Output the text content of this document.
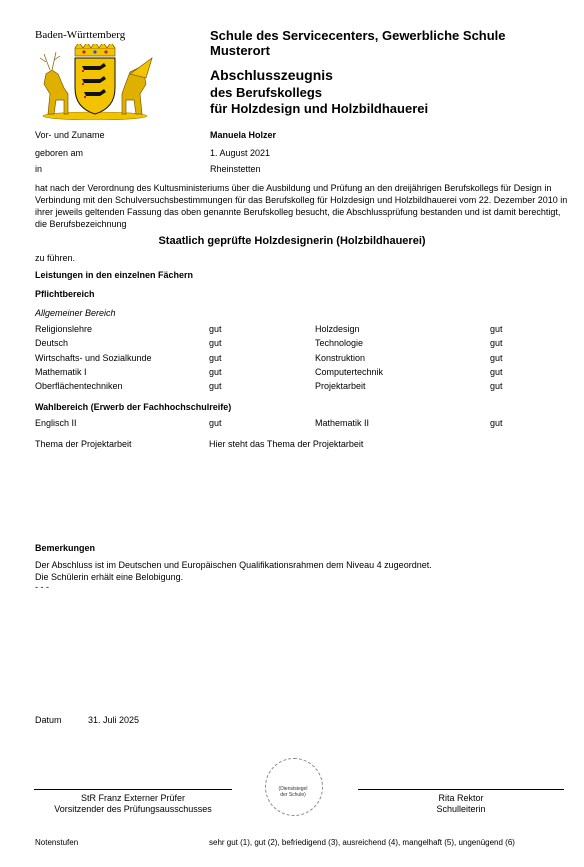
Baden-Württemberg	Schule des Servicecenters, Gewerbliche Schule
Musterort
Abschlusszeugnis
des Berufskollegs
für Holzdesign und Holzbildhauerei
Vor- und Zuname	Manuela Holzer
geboren am	1. August 2021
in	Rheinstetten
hat nach der Verordnung des Kultusministeriums über die Ausbildung und Prüfung an den dreijährigen Berufskollegs für Design in Verbindung mit den Schulversuchsbestimmungen für das Berufskolleg für Holzdesign und Holzbildhauerei vom 22. Dezember 2010 in ihrer jeweils geltenden Fassung das oben genannte Berufskolleg besucht, die Abschlussprüfung bestanden und ist damit berechtigt, die Berufsbezeichnung
Staatlich geprüfte Holzdesignerin (Holzbildhauerei)
zu führen.
Leistungen in den einzelnen Fächern
Pflichtbereich
Allgemeiner Bereich
Religionslehre	gut	Holzdesign	gut
Deutsch	gut	Technologie	gut
Wirtschafts- und Sozialkunde	gut	Konstruktion	gut
Mathematik I	gut	Computertechnik	gut
Oberflächentechniken	gut	Projektarbeit	gut
Wahlbereich (Erwerb der Fachhochschulreife)
Englisch II	gut	Mathematik II	gut
Thema der Projektarbeit	Hier steht das Thema der Projektarbeit
Bemerkungen
Der Abschluss ist im Deutschen und Europäischen Qualifikationsrahmen dem Niveau 4 zugeordnet.
Die Schülerin erhält eine Belobigung.
- - -
Datum	31. Juli 2025
StR Franz Externer Prüfer
Vorsitzender des Prüfungsausschusses
(Dienstsiegel der Schule)	Rita Rektor
Schulleiterin
Notenstufen	sehr gut (1), gut (2), befriedigend (3), ausreichend (4), mangelhaft (5), ungenügend (6)
